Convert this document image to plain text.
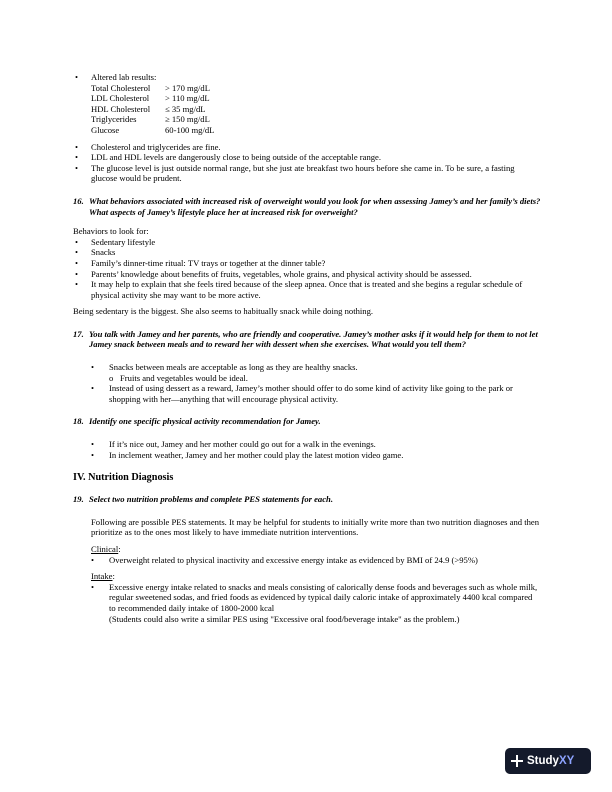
• Altered lab results:
Total Cholesterol	> 170 mg/dL
LDL Cholesterol	> 110 mg/dL
HDL Cholesterol	≤ 35 mg/dL
Triglycerides	≥ 150 mg/dL
Glucose	60-100 mg/dL
• Cholesterol and triglycerides are fine.
• LDL and HDL levels are dangerously close to being outside of the acceptable range.
• The glucose level is just outside normal range, but she just ate breakfast two hours before she came in. To be sure, a fasting glucose would be prudent.
16. What behaviors associated with increased risk of overweight would you look for when assessing Jamey’s and her family’s diets? What aspects of Jamey’s lifestyle place her at increased risk for overweight?
Behaviors to look for:
• Sedentary lifestyle
• Snacks
• Family’s dinner-time ritual: TV trays or together at the dinner table?
• Parents’ knowledge about benefits of fruits, vegetables, whole grains, and physical activity should be assessed.
• It may help to explain that she feels tired because of the sleep apnea. Once that is treated and she begins a regular schedule of physical activity she may want to be more active.
Being sedentary is the biggest. She also seems to habitually snack while doing nothing.
17. You talk with Jamey and her parents, who are friendly and cooperative. Jamey’s mother asks if it would help for them to not let Jamey snack between meals and to reward her with dessert when she exercises. What would you tell them?
• Snacks between meals are acceptable as long as they are healthy snacks.
o Fruits and vegetables would be ideal.
• Instead of using dessert as a reward, Jamey’s mother should offer to do some kind of activity like going to the park or shopping with her—anything that will encourage physical activity.
18. Identify one specific physical activity recommendation for Jamey.
• If it’s nice out, Jamey and her mother could go out for a walk in the evenings.
• In inclement weather, Jamey and her mother could play the latest motion video game.
IV. Nutrition Diagnosis
19. Select two nutrition problems and complete PES statements for each.
Following are possible PES statements. It may be helpful for students to initially write more than two nutrition diagnoses and then prioritize as to the ones most likely to have immediate nutrition interventions.
Clinical:
• Overweight related to physical inactivity and excessive energy intake as evidenced by BMI of 24.9 (>95%)
Intake:
• Excessive energy intake related to snacks and meals consisting of calorically dense foods and beverages such as whole milk, regular sweetened sodas, and fried foods as evidenced by typical daily caloric intake of approximately 4400 kcal compared to recommended daily intake of 1800-2000 kcal
(Students could also write a similar PES using "Excessive oral food/beverage intake" as the problem.)
Study XY
